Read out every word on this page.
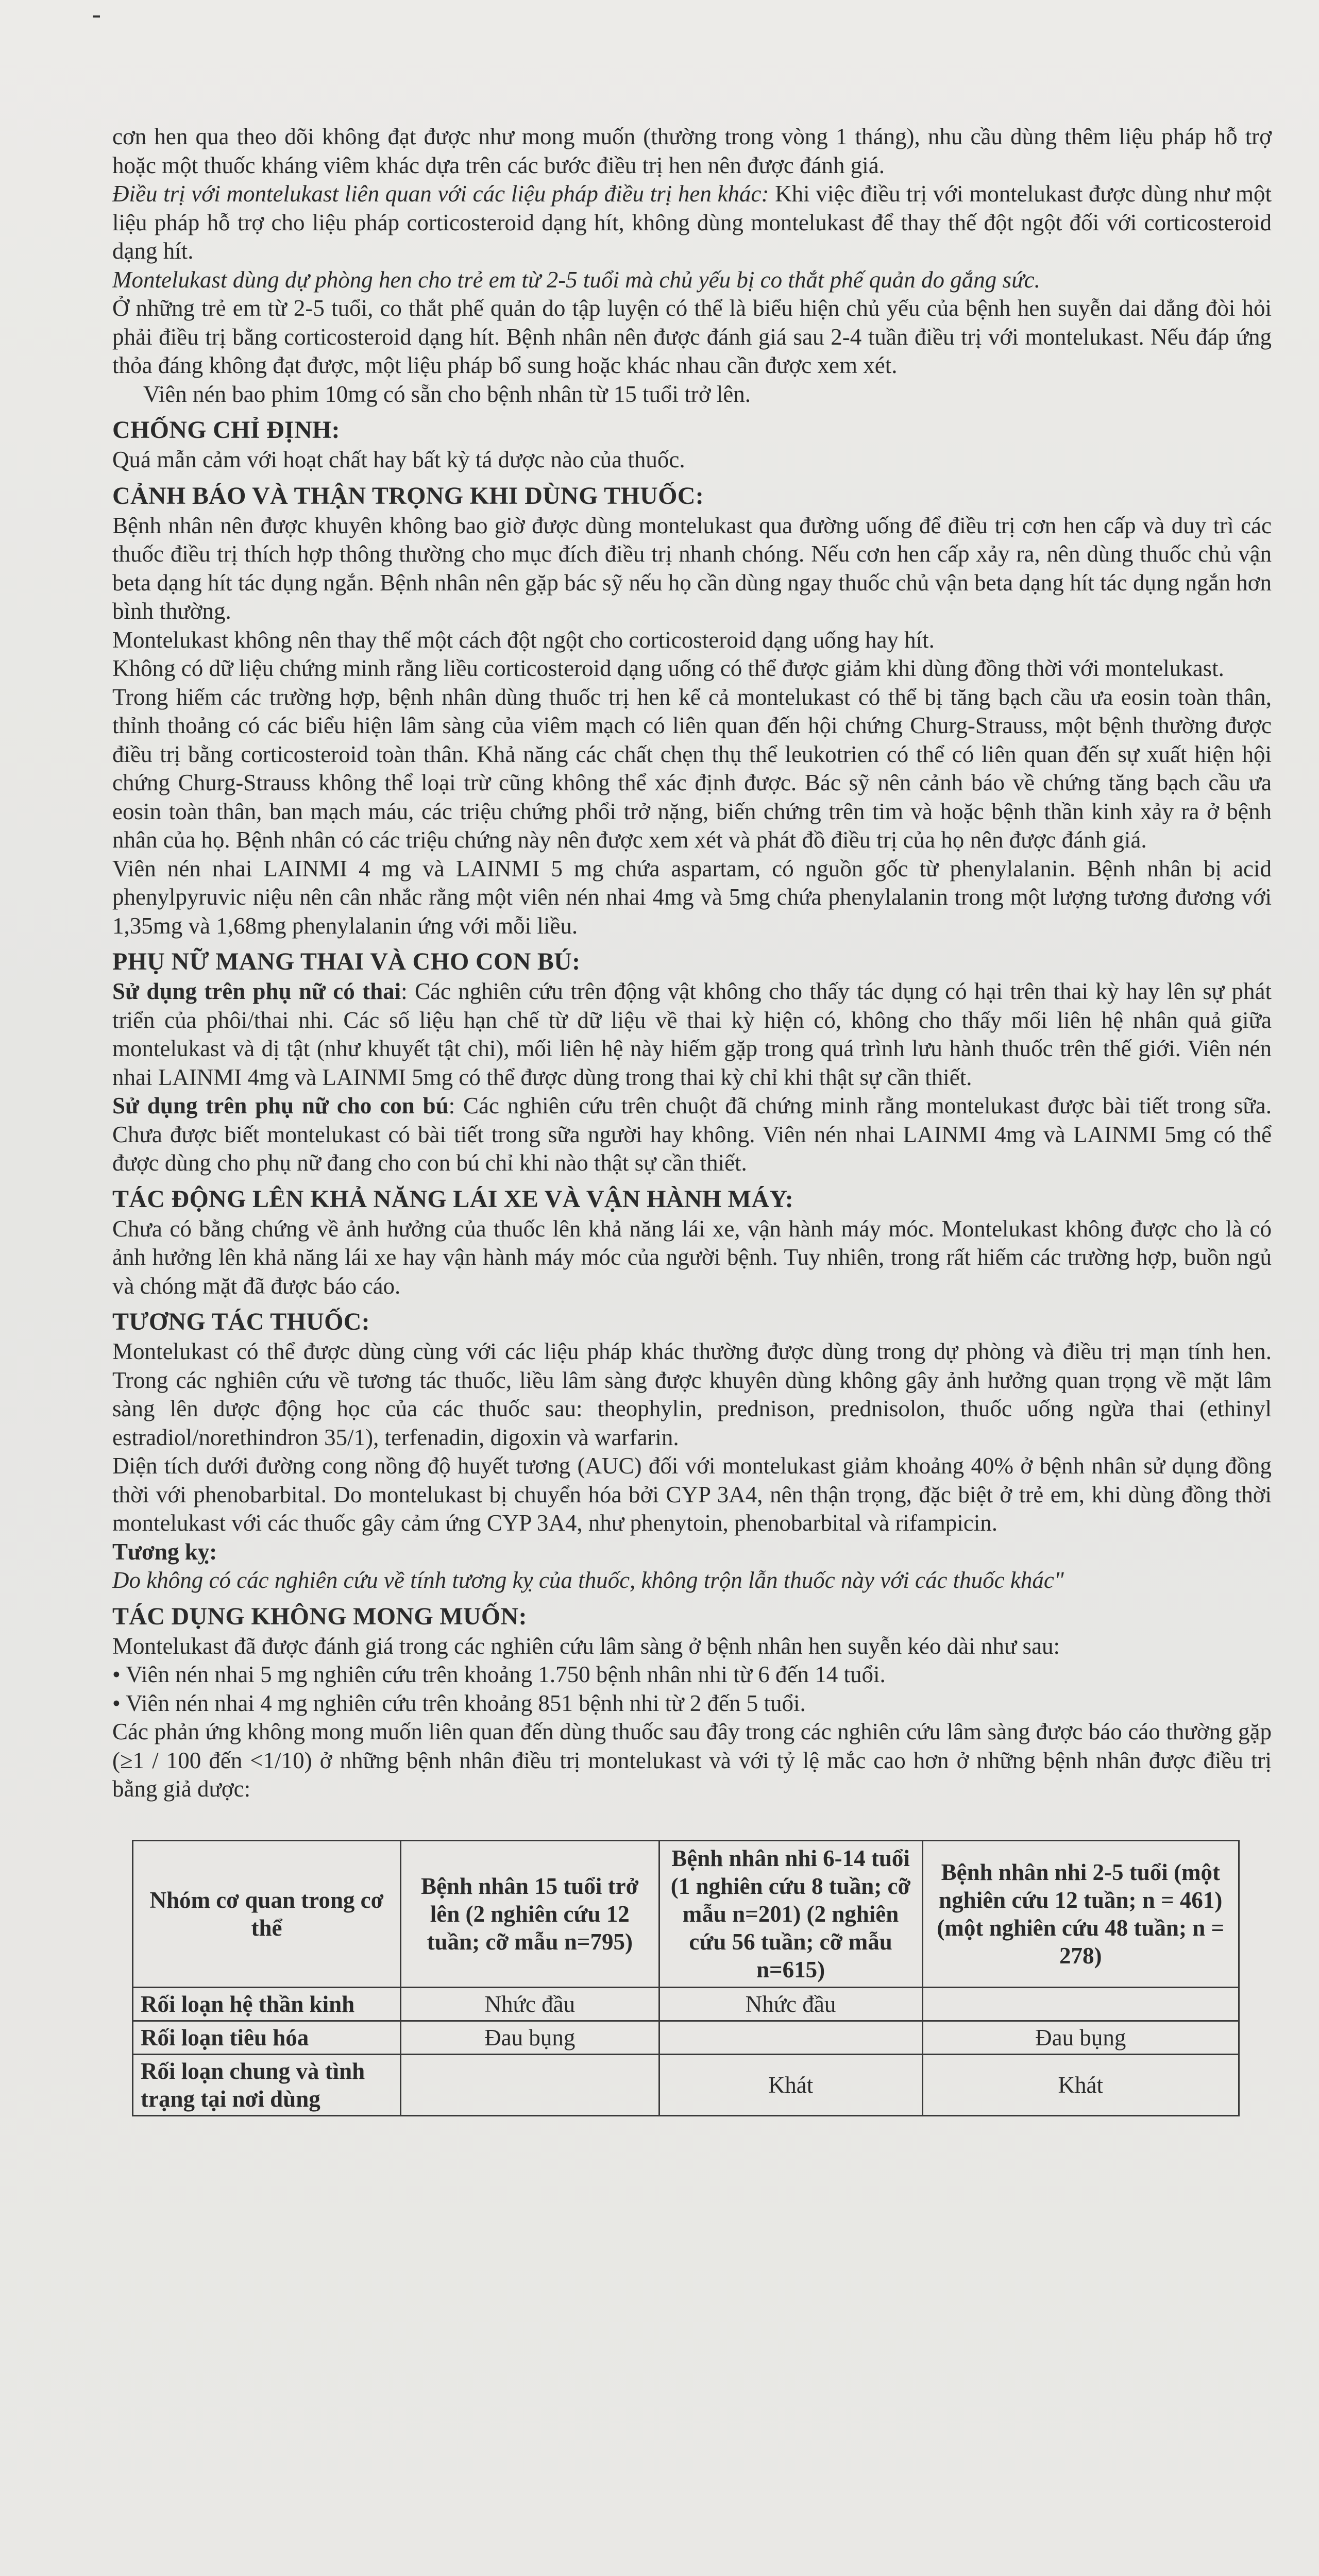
cơn hen qua theo dõi không đạt được như mong muốn (thường trong vòng 1 tháng), nhu cầu dùng thêm liệu pháp hỗ trợ hoặc một thuốc kháng viêm khác dựa trên các bước điều trị hen nên được đánh giá.

Điều trị với montelukast liên quan với các liệu pháp điều trị hen khác: Khi việc điều trị với montelukast được dùng như một liệu pháp hỗ trợ cho liệu pháp corticosteroid dạng hít, không dùng montelukast để thay thế đột ngột đối với corticosteroid dạng hít.

Montelukast dùng dự phòng hen cho trẻ em từ 2-5 tuổi mà chủ yếu bị co thắt phế quản do gắng sức.

Ở những trẻ em từ 2-5 tuổi, co thắt phế quản do tập luyện có thể là biểu hiện chủ yếu của bệnh hen suyễn dai dẳng đòi hỏi phải điều trị bằng corticosteroid dạng hít. Bệnh nhân nên được đánh giá sau 2-4 tuần điều trị với montelukast. Nếu đáp ứng thỏa đáng không đạt được, một liệu pháp bổ sung hoặc khác nhau cần được xem xét.

Viên nén bao phim 10mg có sẵn cho bệnh nhân từ 15 tuổi trở lên.

CHỐNG CHỈ ĐỊNH:

Quá mẫn cảm với hoạt chất hay bất kỳ tá dược nào của thuốc.

CẢNH BÁO VÀ THẬN TRỌNG KHI DÙNG THUỐC:

Bệnh nhân nên được khuyên không bao giờ được dùng montelukast qua đường uống để điều trị cơn hen cấp và duy trì các thuốc điều trị thích hợp thông thường cho mục đích điều trị nhanh chóng. Nếu cơn hen cấp xảy ra, nên dùng thuốc chủ vận beta dạng hít tác dụng ngắn. Bệnh nhân nên gặp bác sỹ nếu họ cần dùng ngay thuốc chủ vận beta dạng hít tác dụng ngắn hơn bình thường.

Montelukast không nên thay thế một cách đột ngột cho corticosteroid dạng uống hay hít.

Không có dữ liệu chứng minh rằng liều corticosteroid dạng uống có thể được giảm khi dùng đồng thời với montelukast.

Trong hiếm các trường hợp, bệnh nhân dùng thuốc trị hen kể cả montelukast có thể bị tăng bạch cầu ưa eosin toàn thân, thỉnh thoảng có các biểu hiện lâm sàng của viêm mạch có liên quan đến hội chứng Churg-Strauss, một bệnh thường được điều trị bằng corticosteroid toàn thân. Khả năng các chất chẹn thụ thể leukotrien có thể có liên quan đến sự xuất hiện hội chứng Churg-Strauss không thể loại trừ cũng không thể xác định được. Bác sỹ nên cảnh báo về chứng tăng bạch cầu ưa eosin toàn thân, ban mạch máu, các triệu chứng phổi trở nặng, biến chứng trên tim và hoặc bệnh thần kinh xảy ra ở bệnh nhân của họ. Bệnh nhân có các triệu chứng này nên được xem xét và phát đồ điều trị của họ nên được đánh giá.

Viên nén nhai LAINMI 4 mg và LAINMI 5 mg chứa aspartam, có nguồn gốc từ phenylalanin. Bệnh nhân bị acid phenylpyruvic niệu nên cân nhắc rằng một viên nén nhai 4mg và 5mg chứa phenylalanin trong một lượng tương đương với 1,35mg và 1,68mg phenylalanin ứng với mỗi liều.

PHỤ NỮ MANG THAI VÀ CHO CON BÚ:

Sử dụng trên phụ nữ có thai: Các nghiên cứu trên động vật không cho thấy tác dụng có hại trên thai kỳ hay lên sự phát triển của phôi/thai nhi. Các số liệu hạn chế từ dữ liệu về thai kỳ hiện có, không cho thấy mối liên hệ nhân quả giữa montelukast và dị tật (như khuyết tật chi), mối liên hệ này hiếm gặp trong quá trình lưu hành thuốc trên thế giới. Viên nén nhai LAINMI 4mg và LAINMI 5mg có thể được dùng trong thai kỳ chỉ khi thật sự cần thiết.

Sử dụng trên phụ nữ cho con bú: Các nghiên cứu trên chuột đã chứng minh rằng montelukast được bài tiết trong sữa. Chưa được biết montelukast có bài tiết trong sữa người hay không. Viên nén nhai LAINMI 4mg và LAINMI 5mg có thể được dùng cho phụ nữ đang cho con bú chỉ khi nào thật sự cần thiết.

TÁC ĐỘNG LÊN KHẢ NĂNG LÁI XE VÀ VẬN HÀNH MÁY:

Chưa có bằng chứng về ảnh hưởng của thuốc lên khả năng lái xe, vận hành máy móc. Montelukast không được cho là có ảnh hưởng lên khả năng lái xe hay vận hành máy móc của người bệnh. Tuy nhiên, trong rất hiếm các trường hợp, buồn ngủ và chóng mặt đã được báo cáo.

TƯƠNG TÁC THUỐC:

Montelukast có thể được dùng cùng với các liệu pháp khác thường được dùng trong dự phòng và điều trị mạn tính hen. Trong các nghiên cứu về tương tác thuốc, liều lâm sàng được khuyên dùng không gây ảnh hưởng quan trọng về mặt lâm sàng lên dược động học của các thuốc sau: theophylin, prednison, prednisolon, thuốc uống ngừa thai (ethinyl estradiol/norethindron 35/1), terfenadin, digoxin và warfarin.

Diện tích dưới đường cong nồng độ huyết tương (AUC) đối với montelukast giảm khoảng 40% ở bệnh nhân sử dụng đồng thời với phenobarbital. Do montelukast bị chuyển hóa bởi CYP 3A4, nên thận trọng, đặc biệt ở trẻ em, khi dùng đồng thời montelukast với các thuốc gây cảm ứng CYP 3A4, như phenytoin, phenobarbital và rifampicin.

Tương kỵ:

Do không có các nghiên cứu về tính tương kỵ của thuốc, không trộn lẫn thuốc này với các thuốc khác"

TÁC DỤNG KHÔNG MONG MUỐN:

Montelukast đã được đánh giá trong các nghiên cứu lâm sàng ở bệnh nhân hen suyễn kéo dài như sau:

• Viên nén nhai 5 mg nghiên cứu trên khoảng 1.750 bệnh nhân nhi từ 6 đến 14 tuổi.

• Viên nén nhai 4 mg nghiên cứu trên khoảng 851 bệnh nhi từ 2 đến 5 tuổi.

Các phản ứng không mong muốn liên quan đến dùng thuốc sau đây trong các nghiên cứu lâm sàng được báo cáo thường gặp (≥1 / 100 đến <1/10) ở những bệnh nhân điều trị montelukast và với tỷ lệ mắc cao hơn ở những bệnh nhân được điều trị bằng giả dược:

Nhóm cơ quan trong cơ thể	Bệnh nhân 15 tuổi trở lên (2 nghiên cứu 12 tuần; cỡ mẫu n=795)	Bệnh nhân nhi 6-14 tuổi (1 nghiên cứu 8 tuần; cỡ mẫu n=201) (2 nghiên cứu 56 tuần; cỡ mẫu n=615)	Bệnh nhân nhi 2-5 tuổi (một nghiên cứu 12 tuần; n = 461) (một nghiên cứu 48 tuần; n = 278)
Rối loạn hệ thần kinh	Nhức đầu	Nhức đầu	
Rối loạn tiêu hóa	Đau bụng		Đau bụng
Rối loạn chung và tình trạng tại nơi dùng		Khát	Khát
